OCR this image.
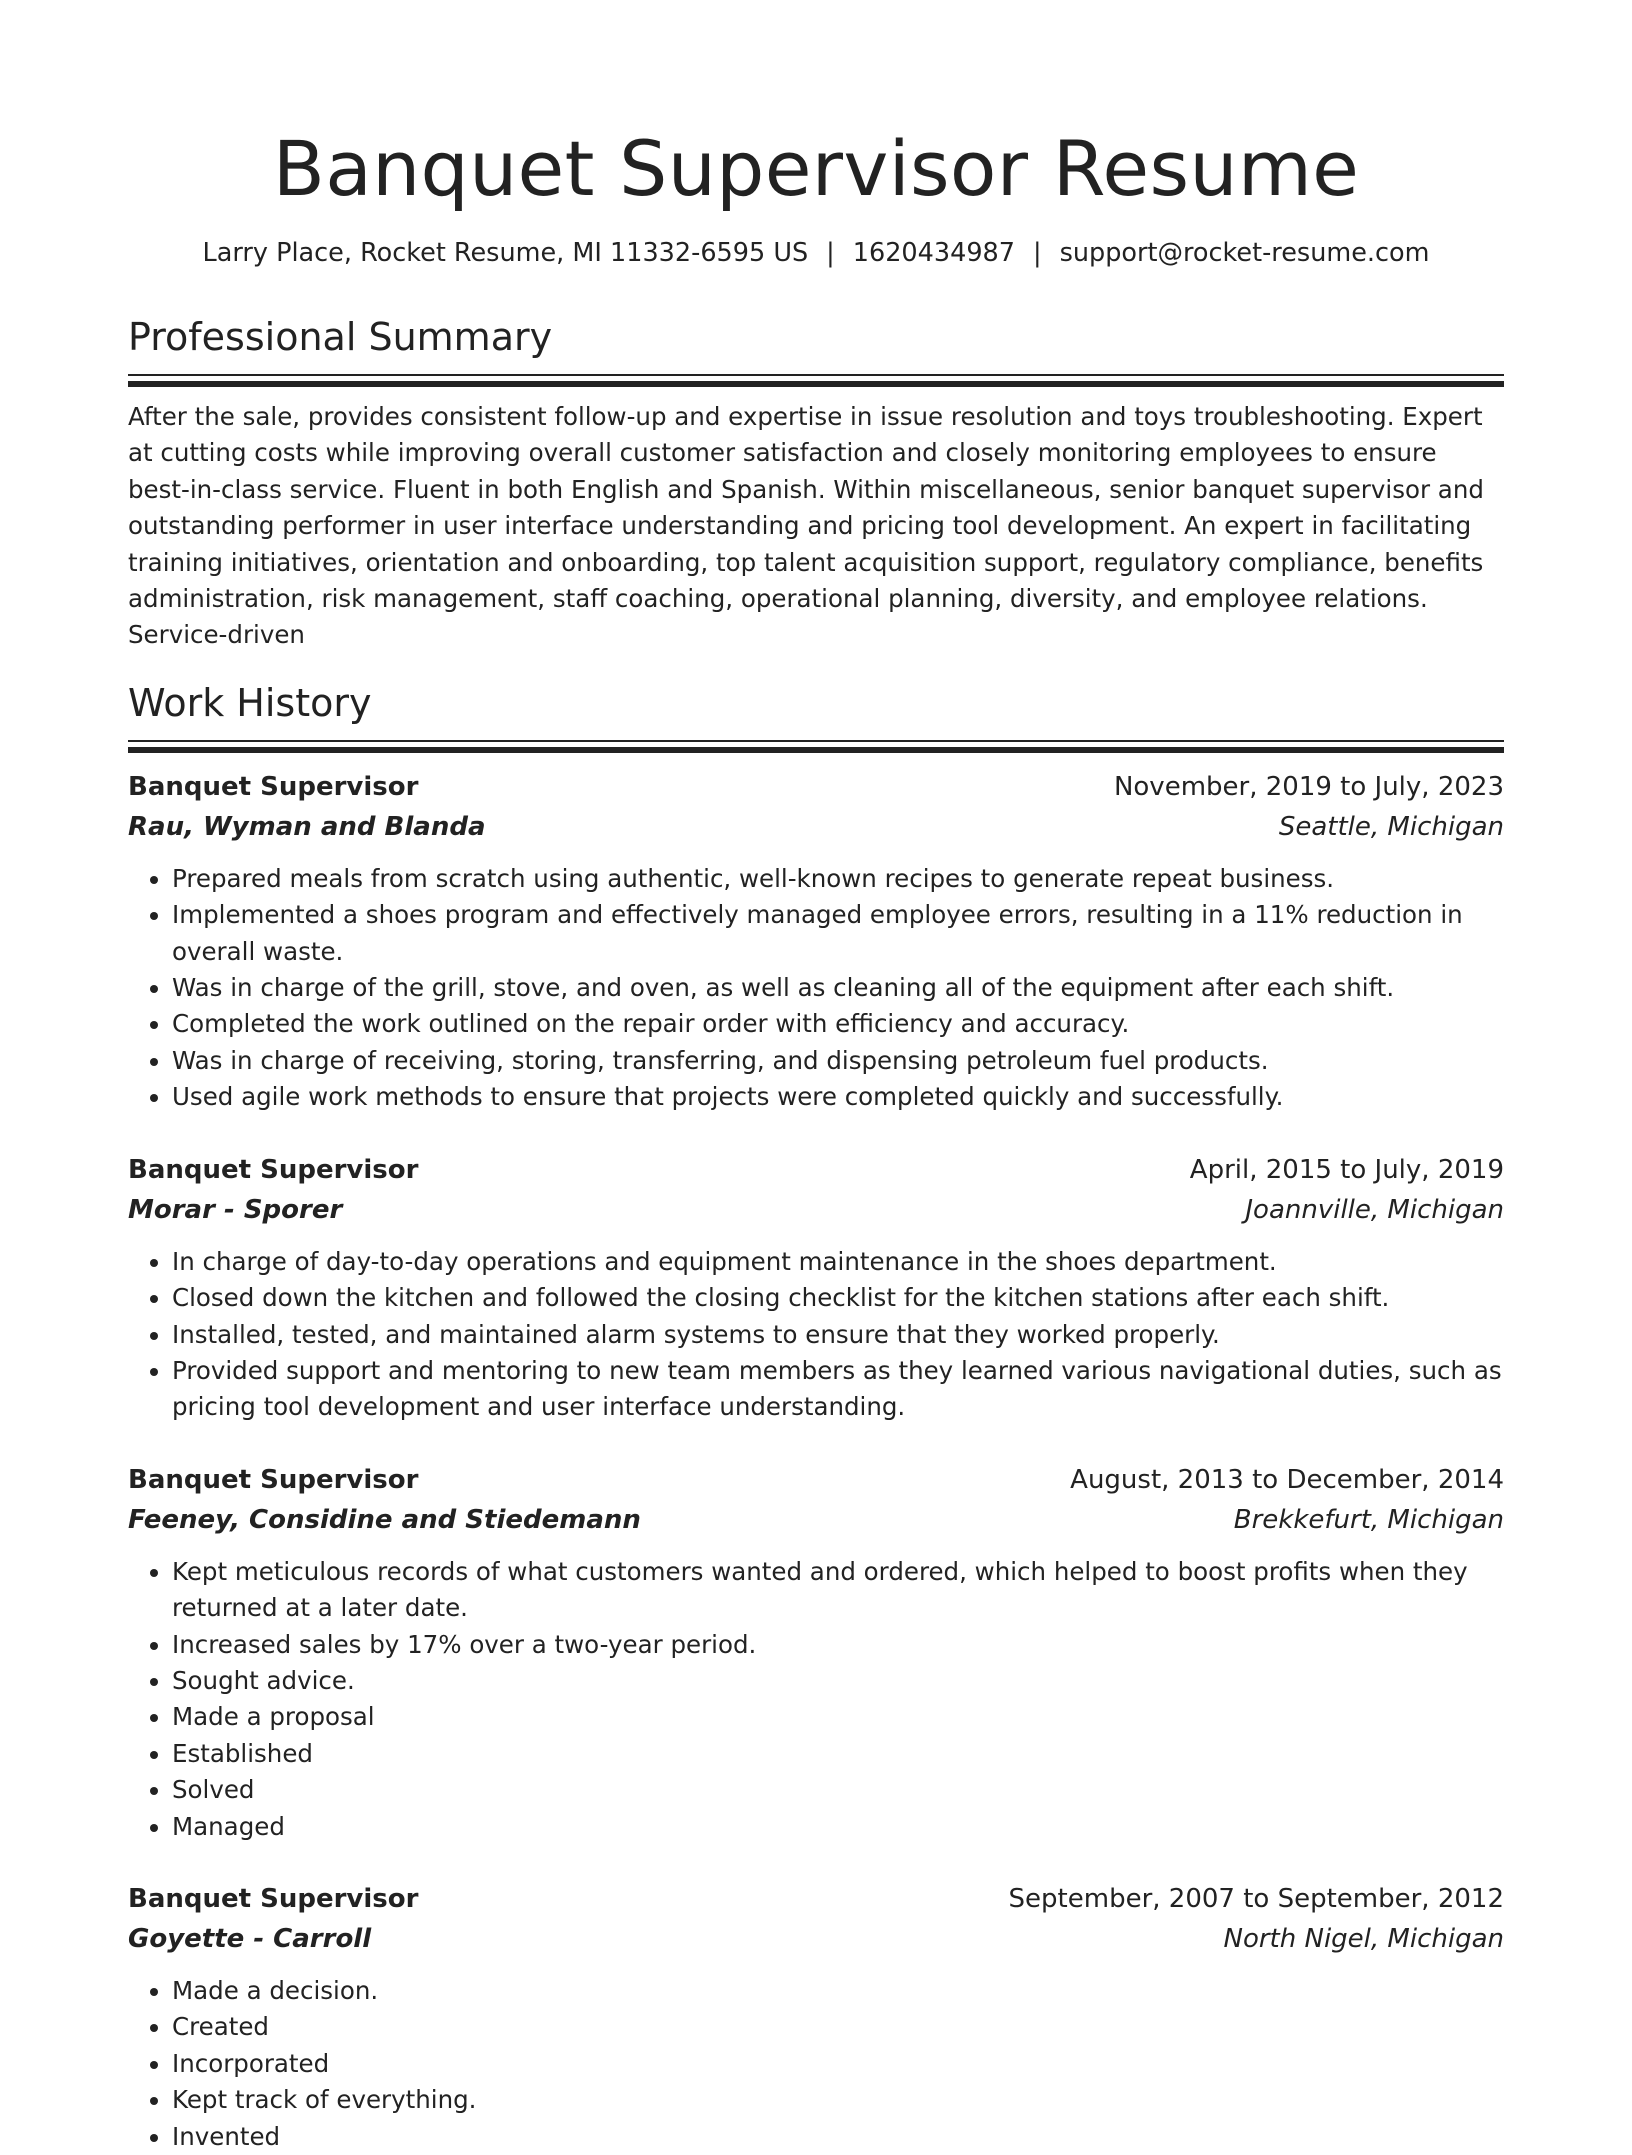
Banquet Supervisor Resume
Larry Place, Rocket Resume, MI 11332-6595 US | 1620434987 | support@rocket-resume.com
Professional Summary

After the sale, provides consistent follow-up and expertise in issue resolution and toys troubleshooting. Expert at cutting costs while improving overall customer satisfaction and closely monitoring employees to ensure best-in-class service. Fluent in both English and Spanish. Within miscellaneous, senior banquet supervisor and outstanding performer in user interface understanding and pricing tool development. An expert in facilitating training initiatives, orientation and onboarding, top talent acquisition support, regulatory compliance, benefits administration, risk management, staff coaching, operational planning, diversity, and employee relations. Service-driven

Work History
Banquet Supervisor	November, 2019 to July, 2023
Rau, Wyman and Blanda	Seattle, Michigan
• Prepared meals from scratch using authentic, well-known recipes to generate repeat business.
• Implemented a shoes program and effectively managed employee errors, resulting in a 11% reduction in overall waste.
• Was in charge of the grill, stove, and oven, as well as cleaning all of the equipment after each shift.
• Completed the work outlined on the repair order with efficiency and accuracy.
• Was in charge of receiving, storing, transferring, and dispensing petroleum fuel products.
• Used agile work methods to ensure that projects were completed quickly and successfully.
Banquet Supervisor	April, 2015 to July, 2019
Morar - Sporer	Joannville, Michigan
• In charge of day-to-day operations and equipment maintenance in the shoes department.
• Closed down the kitchen and followed the closing checklist for the kitchen stations after each shift.
• Installed, tested, and maintained alarm systems to ensure that they worked properly.
• Provided support and mentoring to new team members as they learned various navigational duties, such as pricing tool development and user interface understanding.
Banquet Supervisor	August, 2013 to December, 2014
Feeney, Considine and Stiedemann	Brekkefurt, Michigan
• Kept meticulous records of what customers wanted and ordered, which helped to boost profits when they returned at a later date.
• Increased sales by 17% over a two-year period.
• Sought advice.
• Made a proposal
• Established
• Solved
• Managed
Banquet Supervisor	September, 2007 to September, 2012
Goyette - Carroll	North Nigel, Michigan
• Made a decision.
• Created
• Incorporated
• Kept track of everything.
• Invented
